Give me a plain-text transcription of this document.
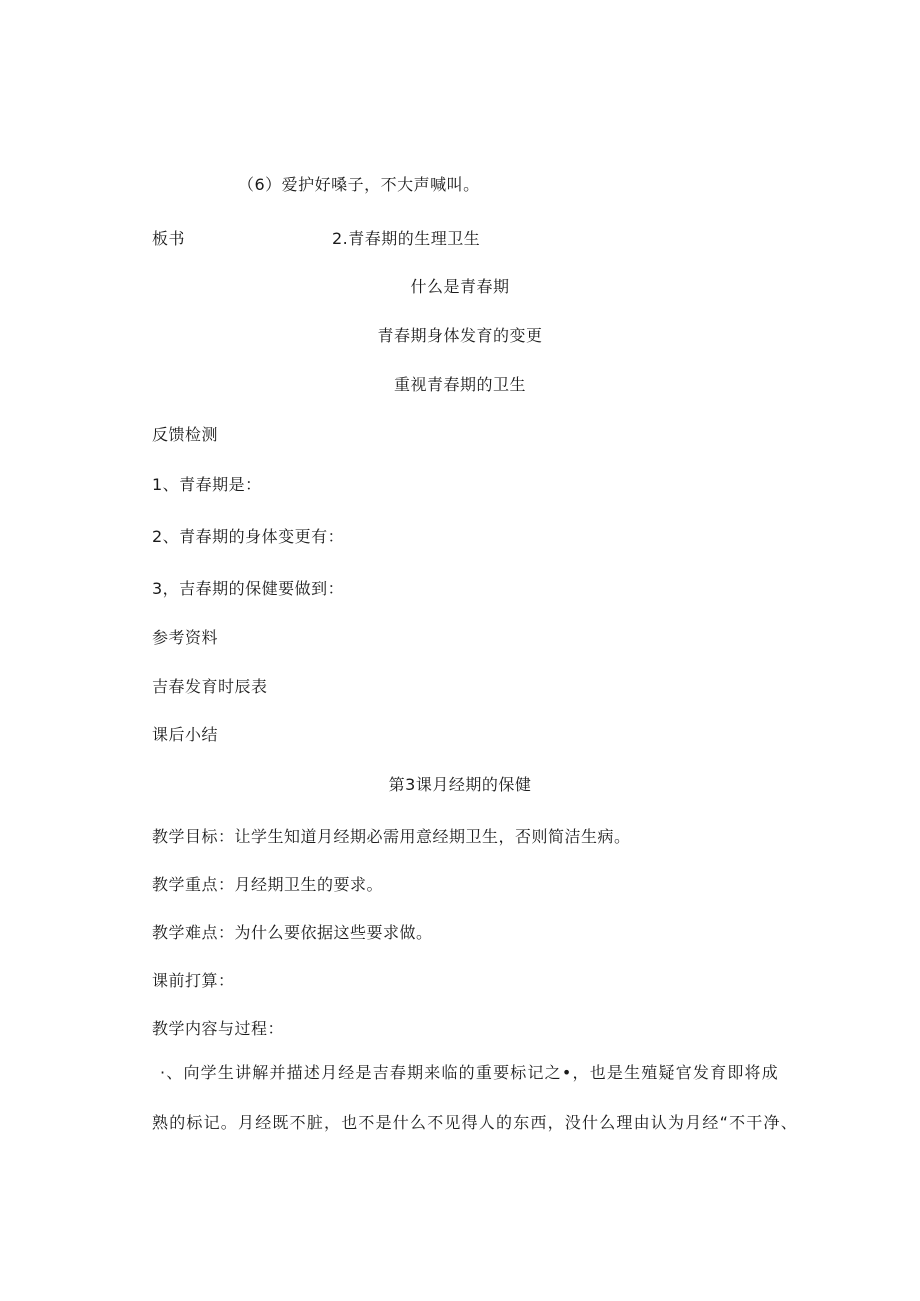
（6）爱护好嗓子，不大声喊叫。
板书	2.青春期的生理卫生
什么是青春期
青春期身体发育的变更
重视青春期的卫生
反馈检测
1、青春期是：
2、青春期的身体变更有：
3，吉春期的保健要做到：
参考资料
吉春发育时辰表
课后小结
第3课月经期的保健
教学目标：让学生知道月经期必需用意经期卫生，否则简洁生病。
教学重点：月经期卫生的要求。
教学难点：为什么要依据这些要求做。
课前打算：
教学内容与过程：
·、向学生讲解并描述月经是吉春期来临的重要标记之•，也是生殖疑官发育即将成
熟的标记。月经既不脏，也不是什么不见得人的东西，没什么理由认为月经“不干净、
